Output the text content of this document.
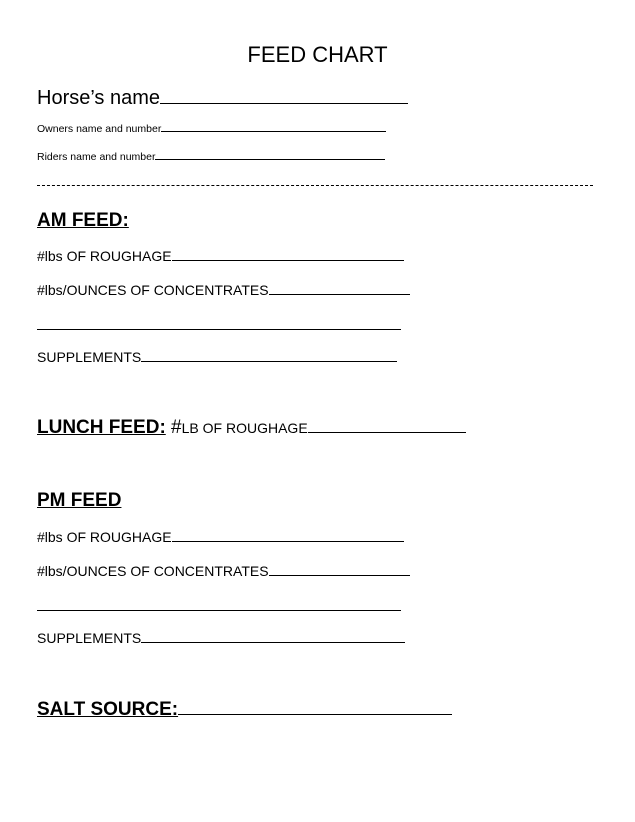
FEED CHART
Horse’s name
Owners name and number
Riders name and number
AM FEED:
#lbs OF ROUGHAGE
#lbs/OUNCES OF CONCENTRATES
SUPPLEMENTS
LUNCH FEED: #LB OF ROUGHAGE
PM FEED
#lbs OF ROUGHAGE
#lbs/OUNCES OF CONCENTRATES
SUPPLEMENTS
SALT SOURCE:
